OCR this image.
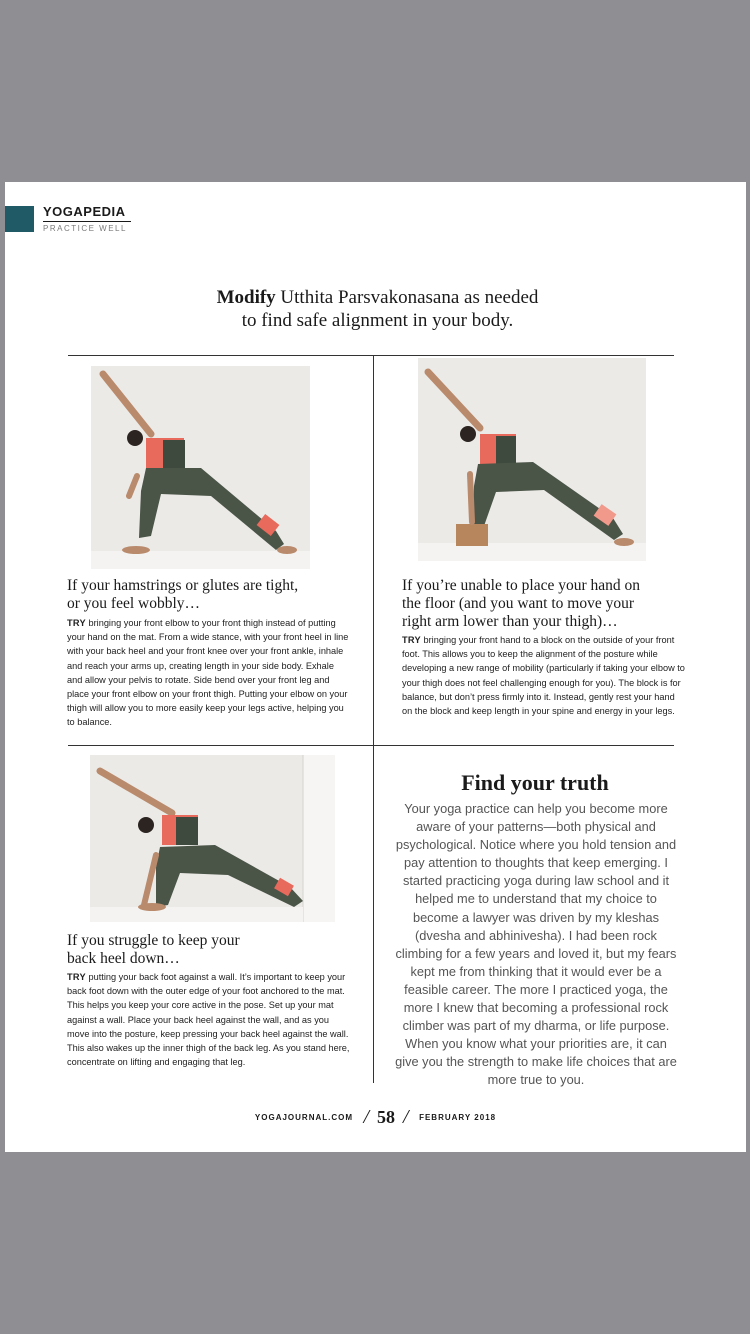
YOGAPEDIA
PRACTICE WELL
Modify Utthita Parsvakonasana as needed
to find safe alignment in your body.
If your hamstrings or glutes are tight,
or you feel wobbly…
TRY bringing your front elbow to your front thigh instead of putting your hand on the mat. From a wide stance, with your front heel in line with your back heel and your front knee over your front ankle, inhale and reach your arms up, creating length in your side body. Exhale and allow your pelvis to rotate. Side bend over your front leg and place your front elbow on your front thigh. Putting your elbow on your thigh will allow you to more easily keep your legs active, helping you to balance.
If you’re unable to place your hand on
the floor (and you want to move your
right arm lower than your thigh)…
TRY bringing your front hand to a block on the outside of your front foot. This allows you to keep the alignment of the posture while developing a new range of mobility (particularly if taking your elbow to your thigh does not feel challenging enough for you). The block is for balance, but don’t press firmly into it. Instead, gently rest your hand on the block and keep length in your spine and energy in your legs.
If you struggle to keep your
back heel down…
TRY putting your back foot against a wall. It’s important to keep your back foot down with the outer edge of your foot anchored to the mat. This helps you keep your core active in the pose. Set up your mat against a wall. Place your back heel against the wall, and as you move into the posture, keep pressing your back heel against the wall. This also wakes up the inner thigh of the back leg. As you stand here, concentrate on lifting and engaging that leg.
Find your truth
Your yoga practice can help you become more aware of your patterns—both physical and psychological. Notice where you hold tension and pay attention to thoughts that keep emerging. I started practicing yoga during law school and it helped me to understand that my choice to become a lawyer was driven by my kleshas (dvesha and abhinivesha). I had been rock climbing for a few years and loved it, but my fears kept me from thinking that it would ever be a feasible career. The more I practiced yoga, the more I knew that becoming a professional rock climber was part of my dharma, or life purpose. When you know what your priorities are, it can give you the strength to make life choices that are more true to you.
YOGAJOURNAL.COM / 58 / FEBRUARY 2018
